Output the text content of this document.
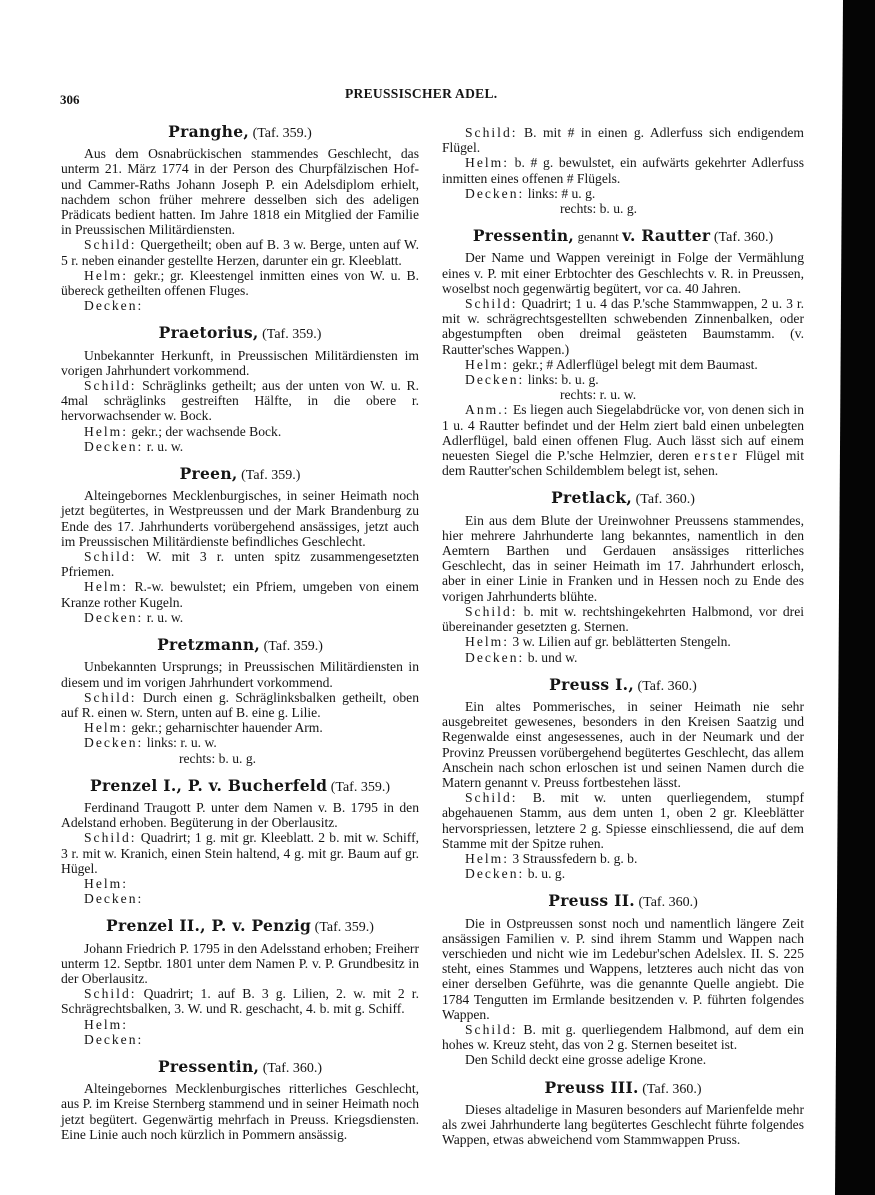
306	PREUSSISCHER ADEL.
Pranghe, (Taf. 359.)

Aus dem Osnabrückischen stammendes Geschlecht, das unterm 21. März 1774 in der Person des Churpfälzischen Hof- und Cammer-Raths Johann Joseph P. ein Adelsdiplom erhielt, nachdem schon früher mehrere desselben sich des adeligen Prädicats bedient hatten. Im Jahre 1818 ein Mitglied der Familie in Preussischen Militärdiensten.

Schild: Quergetheilt; oben auf B. 3 w. Berge, unten auf W. 5 r. neben einander gestellte Herzen, darunter ein gr. Kleeblatt.

Helm: gekr.; gr. Kleestengel inmitten eines von W. u. B. übereck getheilten offenen Fluges.

Decken:

Praetorius, (Taf. 359.)

Unbekannter Herkunft, in Preussischen Militärdiensten im vorigen Jahrhundert vorkommend.

Schild: Schräglinks getheilt; aus der unten von W. u. R. 4mal schräglinks gestreiften Hälfte, in die obere r. hervorwachsender w. Bock.

Helm: gekr.; der wachsende Bock.

Decken: r. u. w.

Preen, (Taf. 359.)

Alteingebornes Mecklenburgisches, in seiner Heimath noch jetzt begütertes, in Westpreussen und der Mark Brandenburg zu Ende des 17. Jahrhunderts vorübergehend ansässiges, jetzt auch im Preussischen Militärdienste befindliches Geschlecht.

Schild: W. mit 3 r. unten spitz zusammengesetzten Pfriemen.

Helm: R.-w. bewulstet; ein Pfriem, umgeben von einem Kranze rother Kugeln.

Decken: r. u. w.

Pretzmann, (Taf. 359.)

Unbekannten Ursprungs; in Preussischen Militärdiensten in diesem und im vorigen Jahrhundert vorkommend.

Schild: Durch einen g. Schräglinksbalken getheilt, oben auf R. einen w. Stern, unten auf B. eine g. Lilie.

Helm: gekr.; geharnischter hauender Arm.

Decken: links: r. u. w.

rechts: b. u. g.

Prenzel I., P. v. Bucherfeld (Taf. 359.)

Ferdinand Traugott P. unter dem Namen v. B. 1795 in den Adelstand erhoben. Begüterung in der Oberlausitz.

Schild: Quadrirt; 1 g. mit gr. Kleeblatt. 2 b. mit w. Schiff, 3 r. mit w. Kranich, einen Stein haltend, 4 g. mit gr. Baum auf gr. Hügel.

Helm:

Decken:

Prenzel II., P. v. Penzig (Taf. 359.)

Johann Friedrich P. 1795 in den Adelsstand erhoben; Freiherr unterm 12. Septbr. 1801 unter dem Namen P. v. P. Grundbesitz in der Oberlausitz.

Schild: Quadrirt; 1. auf B. 3 g. Lilien, 2. w. mit 2 r. Schrägrechtsbalken, 3. W. und R. geschacht, 4. b. mit g. Schiff.

Helm:

Decken:

Pressentin, (Taf. 360.)

Alteingebornes Mecklenburgisches ritterliches Geschlecht, aus P. im Kreise Sternberg stammend und in seiner Heimath noch jetzt begütert. Gegenwärtig mehrfach in Preuss. Kriegsdiensten. Eine Linie auch noch kürzlich in Pommern ansässig.

Schild: B. mit # in einen g. Adlerfuss sich endigendem Flügel.

Helm: b. # g. bewulstet, ein aufwärts gekehrter Adlerfuss inmitten eines offenen # Flügels.

Decken: links: # u. g.

rechts: b. u. g.

Pressentin, genannt v. Rautter (Taf. 360.)

Der Name und Wappen vereinigt in Folge der Vermählung eines v. P. mit einer Erbtochter des Geschlechts v. R. in Preussen, woselbst noch gegenwärtig begütert, vor ca. 40 Jahren.

Schild: Quadrirt; 1 u. 4 das P.'sche Stammwappen, 2 u. 3 r. mit w. schrägrechtsgestellten schwebenden Zinnenbalken, oder abgestumpften oben dreimal geästeten Baumstamm. (v. Rautter'sches Wappen.)

Helm: gekr.; # Adlerflügel belegt mit dem Baumast.

Decken: links: b. u. g.

rechts: r. u. w.

Anm.: Es liegen auch Siegelabdrücke vor, von denen sich in 1 u. 4 Rautter befindet und der Helm ziert bald einen unbelegten Adlerflügel, bald einen offenen Flug. Auch lässt sich auf einem neuesten Siegel die P.'sche Helmzier, deren erster Flügel mit dem Rautter'schen Schildemblem belegt ist, sehen.

Pretlack, (Taf. 360.)

Ein aus dem Blute der Ureinwohner Preussens stammendes, hier mehrere Jahrhunderte lang bekanntes, namentlich in den Aemtern Barthen und Gerdauen ansässiges ritterliches Geschlecht, das in seiner Heimath im 17. Jahrhundert erlosch, aber in einer Linie in Franken und in Hessen noch zu Ende des vorigen Jahrhunderts blühte.

Schild: b. mit w. rechtshingekehrten Halbmond, vor drei übereinander gesetzten g. Sternen.

Helm: 3 w. Lilien auf gr. beblätterten Stengeln.

Decken: b. und w.

Preuss I., (Taf. 360.)

Ein altes Pommerisches, in seiner Heimath nie sehr ausgebreitet gewesenes, besonders in den Kreisen Saatzig und Regenwalde einst angesessenes, auch in der Neumark und der Provinz Preussen vorübergehend begütertes Geschlecht, das allem Anschein nach schon erloschen ist und seinen Namen durch die Matern genannt v. Preuss fortbestehen lässt.

Schild: B. mit w. unten querliegendem, stumpf abgehauenen Stamm, aus dem unten 1, oben 2 gr. Kleeblätter hervorspriessen, letztere 2 g. Spiesse einschliessend, die auf dem Stamme mit der Spitze ruhen.

Helm: 3 Straussfedern b. g. b.

Decken: b. u. g.

Preuss II. (Taf. 360.)

Die in Ostpreussen sonst noch und namentlich längere Zeit ansässigen Familien v. P. sind ihrem Stamm und Wappen nach verschieden und nicht wie im Ledebur'schen Adelslex. II. S. 225 steht, eines Stammes und Wappens, letzteres auch nicht das von einer derselben Geführte, was die genannte Quelle angiebt. Die 1784 Tengutten im Ermlande besitzenden v. P. führten folgendes Wappen.

Schild: B. mit g. querliegendem Halbmond, auf dem ein hohes w. Kreuz steht, das von 2 g. Sternen beseitet ist.

Den Schild deckt eine grosse adelige Krone.

Preuss III. (Taf. 360.)

Dieses altadelige in Masuren besonders auf Marienfelde mehr als zwei Jahrhunderte lang begütertes Geschlecht führte folgendes Wappen, etwas abweichend vom Stammwappen Pruss.
